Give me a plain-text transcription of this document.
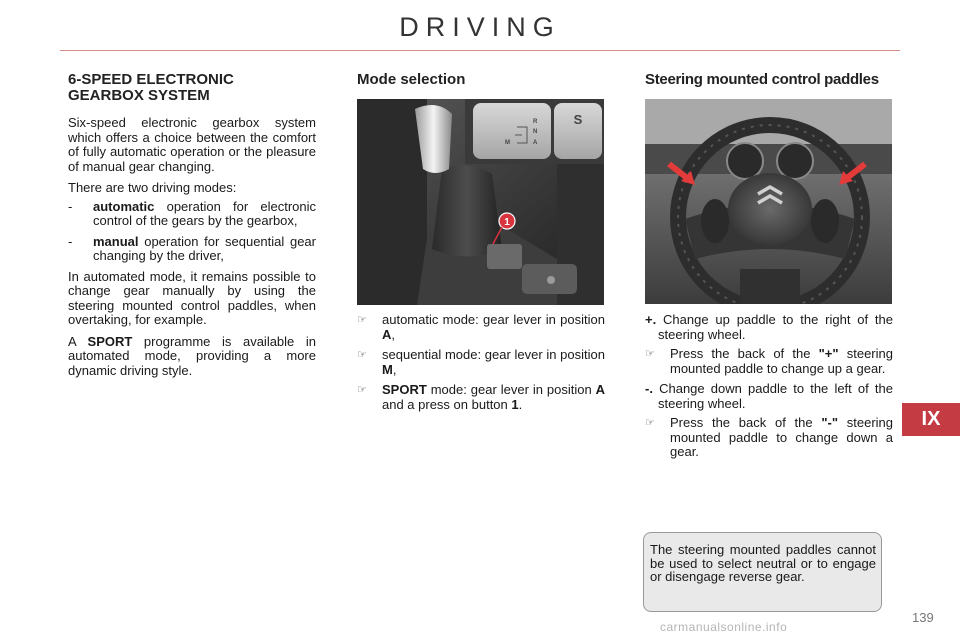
DRIVING
6-SPEED ELECTRONIC
GEARBOX SYSTEM

Six-speed electronic gearbox system which offers a choice between the comfort of fully automatic operation or the pleasure of manual gear changing.

There are two driving modes:

-	automatic operation for electronic control of the gears by the gearbox,
-	manual operation for sequential gear changing by the driver,

In automated mode, it remains possible to change gear manually by using the steering mounted control paddles, when overtaking, for example.

A SPORT programme is available in automated mode, providing a more dynamic driving style.

Mode selection
S
R
N
A
M
1
☞	automatic mode: gear lever in position A,
☞	sequential mode: gear lever in position M,
☞	SPORT mode: gear lever in position A and a press on button 1.
Steering mounted control paddles
+. Change up paddle to the right of the steering wheel.
☞	Press the back of the "+" steering mounted paddle to change up a gear.
-. Change down paddle to the left of the steering wheel.
☞	Press the back of the "-" steering mounted paddle to change down a gear.
The steering mounted paddles cannot be used to select neutral or to engage or disengage reverse gear.
IX
139
carmanualsonline.info
